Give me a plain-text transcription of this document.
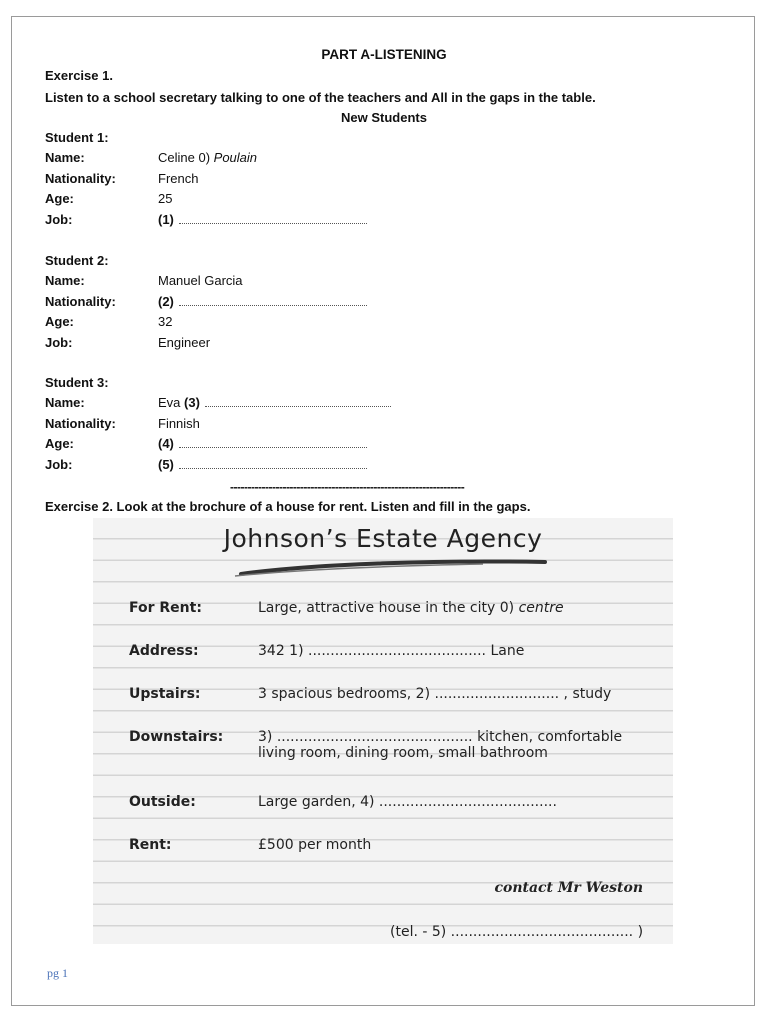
PART A-LISTENING
Exercise 1.
Listen to a school secretary talking to one of the teachers and All in the gaps in the table.
New Students
Student 1:
Name:	Celine 0) Poulain
Nationality:	French
Age:	25
Job:	(1)
Student 2:
Name:	Manuel Garcia
Nationality:	(2)
Age:	32
Job:	Engineer
Student 3:
Name:	Eva (3)
Nationality:	Finnish
Age:	(4)
Job:	(5)
-------------------------------------------------------------------
Exercise 2. Look at the brochure of a house for rent. Listen and fill in the gaps.
Johnson’s Estate Agency
For Rent:	Large, attractive house in the city 0) centre
Address:	342 1) ........................................ Lane
Upstairs:	3 spacious bedrooms, 2) ............................ , study
Downstairs: 3) ............................................ kitchen, comfortable
living room, dining room, small bathroom
Outside:	Large garden, 4) ........................................
Rent:	£500 per month
contact Mr Weston
(tel. - 5) ......................................... )
pg 1
